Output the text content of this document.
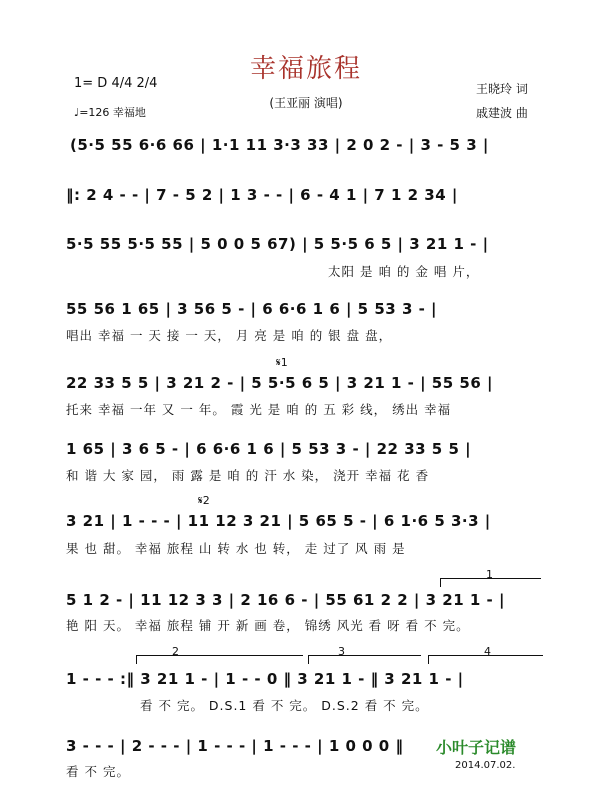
幸福旅程
(王亚丽 演唱)
1= D 4/4 2/4
♩=126 幸福地
王晓玲 词
戚建波 曲
(5·5 55 6·6 66 | 1·1 11 3·3 33 | 2 0 2 - | 3 - 5 3 |
‖: 2 4 - - | 7 - 5 2 | 1 3 - - | 6 - 4 1 | 7 1 2 34 |
5·5 55 5·5 55 | 5 0 0 5 67) | 5 5·5 6 5 | 3 21 1 - |
太阳 是 咱 的 金 唱 片，
55 56 1 65 | 3 56 5 - | 6 6·6 1 6 | 5 53 3 - |
唱出 幸福 一 天 接 一 天， 月 亮 是 咱 的 银 盘 盘，
𝄋1
22 33 5 5 | 3 21 2 - | 5 5·5 6 5 | 3 21 1 - | 55 56 |
托来 幸福 一年 又 一 年。 霞 光 是 咱 的 五 彩 线， 绣出 幸福
1 65 | 3 6 5 - | 6 6·6 1 6 | 5 53 3 - | 22 33 5 5 |
和 谐 大 家 园， 雨 露 是 咱 的 汗 水 染， 浇开 幸福 花 香
𝄋2
3 21 | 1 - - - | 11 12 3 21 | 5 65 5 - | 6 1·6 5 3·3 |
果 也 甜。 幸福 旅程 山 转 水 也 转， 走 过了 风 雨 是
1
5 1 2 - | 11 12 3 3 | 2 16 6 - | 55 61 2 2 | 3 21 1 - |
艳 阳 天。 幸福 旅程 铺 开 新 画 卷， 锦绣 风光 看 呀 看 不 完。
2	3	4
1 - - - :‖ 3 21 1 - | 1 - - 0 ‖ 3 21 1 - ‖ 3 21 1 - |
看 不 完。 D.S.1 看 不 完。 D.S.2 看 不 完。
3 - - - | 2 - - - | 1 - - - | 1 - - - | 1 0 0 0 ‖
看 不 完。
小叶子记谱
2014.07.02.
